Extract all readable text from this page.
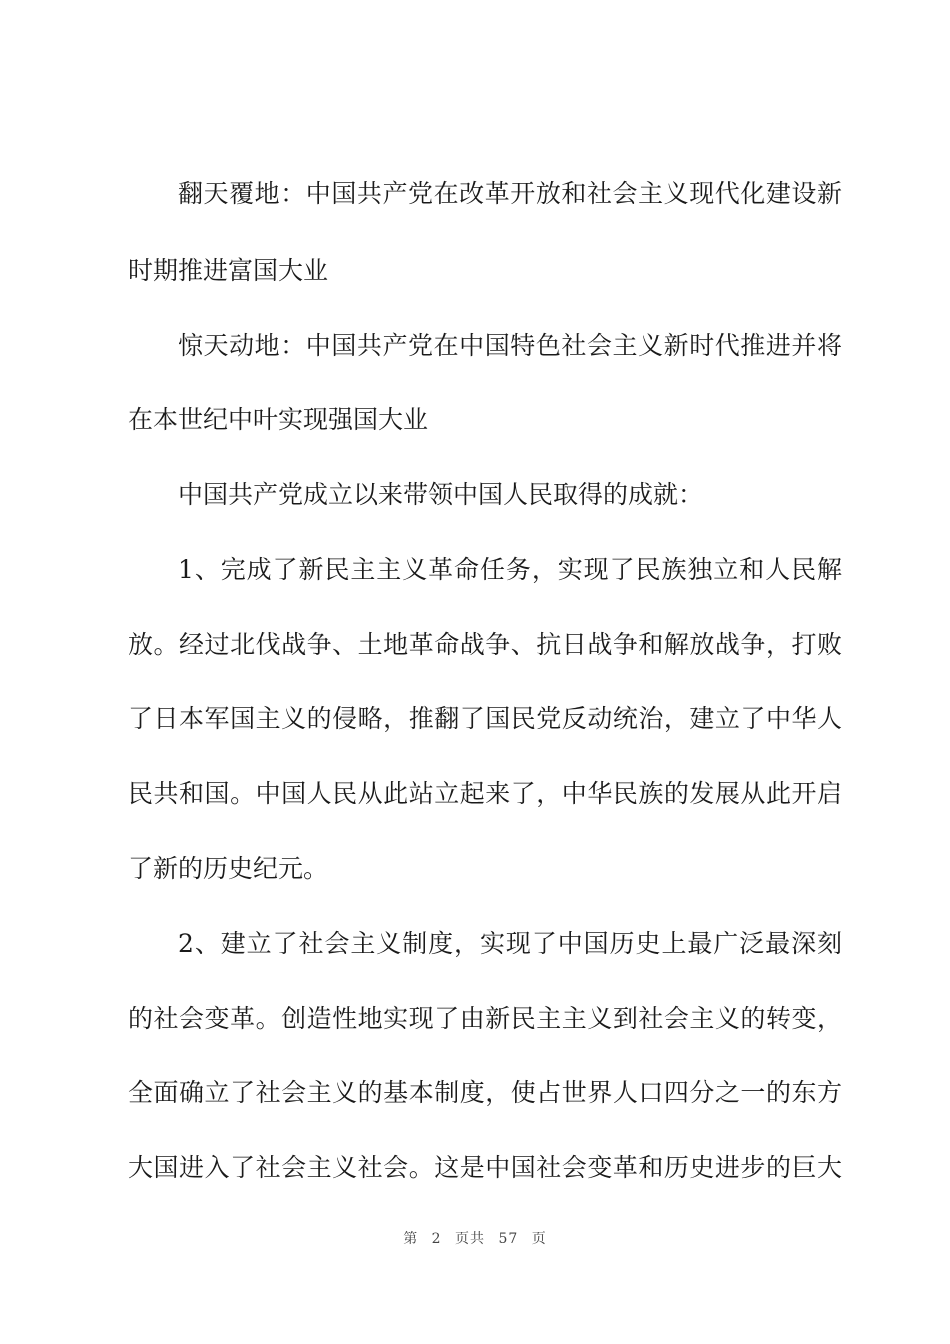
翻天覆地：中国共产党在改革开放和社会主义现代化建设新
时期推进富国大业
惊天动地：中国共产党在中国特色社会主义新时代推进并将
在本世纪中叶实现强国大业
中国共产党成立以来带领中国人民取得的成就：
1、完成了新民主主义革命任务，实现了民族独立和人民解
放。经过北伐战争、土地革命战争、抗日战争和解放战争，打败
了日本军国主义的侵略，推翻了国民党反动统治，建立了中华人
民共和国。中国人民从此站立起来了，中华民族的发展从此开启
了新的历史纪元。
2、建立了社会主义制度，实现了中国历史上最广泛最深刻
的社会变革。创造性地实现了由新民主主义到社会主义的转变，
全面确立了社会主义的基本制度，使占世界人口四分之一的东方
大国进入了社会主义社会。这是中国社会变革和历史进步的巨大
第 2 页共 57 页
